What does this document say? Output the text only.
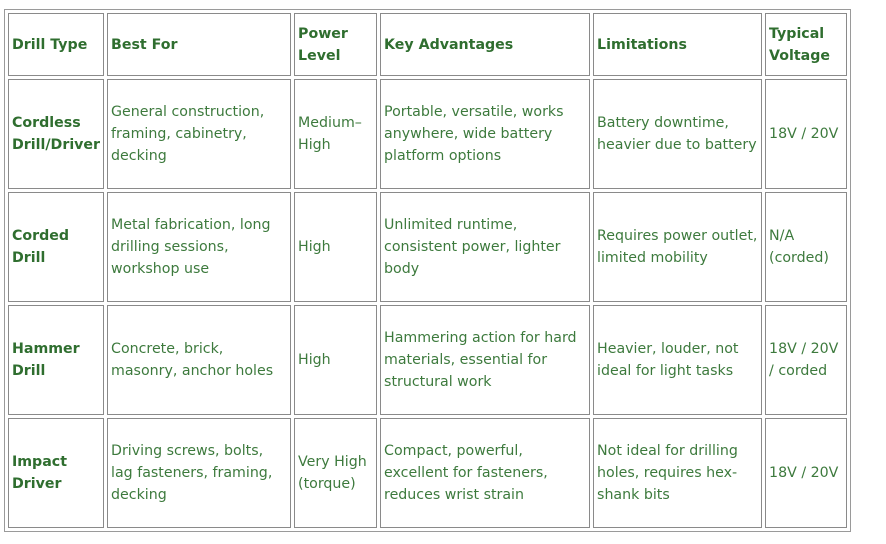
Drill Type	Best For	Power Level	Key Advantages	Limitations	Typical Voltage
Cordless Drill/Driver	General construction, framing, cabinetry, decking	Medium–High	Portable, versatile, works anywhere, wide battery platform options	Battery downtime, heavier due to battery	18V / 20V
Corded Drill	Metal fabrication, long drilling sessions, workshop use	High	Unlimited runtime, consistent power, lighter body	Requires power outlet, limited mobility	N/A (corded)
Hammer Drill	Concrete, brick, masonry, anchor holes	High	Hammering action for hard materials, essential for structural work	Heavier, louder, not ideal for light tasks	18V / 20V / corded
Impact Driver	Driving screws, bolts, lag fasteners, framing, decking	Very High (torque)	Compact, powerful, excellent for fasteners, reduces wrist strain	Not ideal for drilling holes, requires hex-shank bits	18V / 20V
